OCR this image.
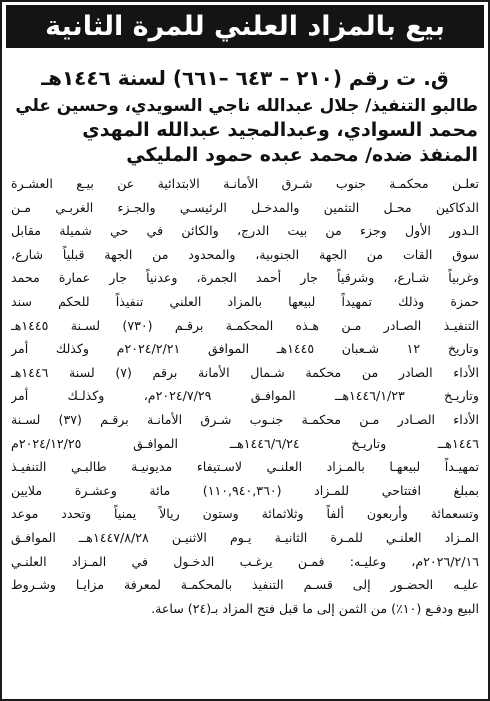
بيع بالمزاد العلني للمرة الثانية
ق. ت رقم (٢١٠ – ٦٤٣ –٦٦١) لسنة ١٤٤٦هـ
طالبو التنفيذ/ جلال عبدالله ناجي السويدي، وحسين علي
محمد السوادي، وعبدالمجيد عبدالله المهدي
المنفذ ضده/ محمد عبده حمود المليكي
تعلـن محكمـة جنوب شـرق الأمانـة الابتدائية عن بيـع العشـرة
الدكاكين محـل التثمين والمدخـل الرئيسـي والجـزء الغربـي مـن
الـدور الأول وجزء من بيت الدرج، والكائن في حي شميلة مقابل
سوق القات من الجهة الجنوبية، والمحدود من الجهة قبلياً شارع،
وغربياً شـارع، وشرقياً جار أحمد الجمرة، وعدنياً جار عمارة محمد
حمزة وذلك تمهيداً لبيعها بالمزاد العلني تنفيذاً للحكم سند
التنفيـذ الصـادر مـن هـذه المحكمـة برقـم (٧٣٠) لسـنة ١٤٤٥هـ
وتاريخ ١٢ شـعبان ١٤٤٥هـ الموافق ٢٠٢٤/٢/٢١م وكذلك أمر
الأداء الصادر من محكمة شـمال الأمانة برقم (٧) لسنة ١٤٤٦هـ
وتاريـخ ١٤٤٦/١/٢٣هــ الموافـق ٢٠٢٤/٧/٢٩م، وكذلـك أمر
الأداء الصـادر مـن محكمـة جنـوب شـرق الأمانـة برقـم (٣٧) لسـنة
١٤٤٦هــ وتاريـخ ١٤٤٦/٦/٢٤هــ الموافـق ٢٠٢٤/١٢/٢٥م
تمهيـداً لبيعهـا بالمـزاد العلنـي لاسـتيفاء مديونيـة طالبـي التنفيـذ
بمبلغ افتتاحي للمـزاد (١١٠,٩٤٠,٣٦٠) مائة وعشـرة ملايين
وتسعمائة وأربعون ألفاً وثلاثمائة وستون ريالاً يمنياً وتحدد موعد
المـزاد العلنـي للمـرة الثانيـة يـوم الاثنيـن ١٤٤٧/٨/٢٨هــ الموافـق
٢٠٢٦/٢/١٦م، وعليـه: فمـن يرغـب الدخـول في المـزاد العلنـي
عليـه الحضـور إلى قسـم التنفيذ بالمحكمـة لمعرفة مزايـا وشـروط
البيع ودفـع (١٠٪) من الثمن إلى ما قبل فتح المزاد بـ(٢٤) ساعة.
